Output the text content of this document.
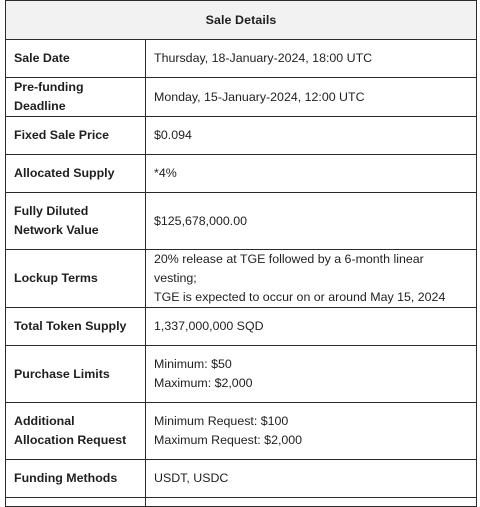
Sale Details	
Sale Date	Thursday, 18-January-2024, 18:00 UTC
Pre-funding Deadline	Monday, 15-January-2024, 12:00 UTC
Fixed Sale Price	$0.094
Allocated Supply	*4%
Fully Diluted Network Value	$125,678,000.00
Lockup Terms	20% release at TGE followed by a 6-month linear vesting;
TGE is expected to occur on or around May 15, 2024

Total Token Supply	1,337,000,000 SQD
Purchase Limits	Minimum: $50
Maximum: $2,000

Additional Allocation Request	Minimum Request: $100
Maximum Request: $2,000

Funding Methods	USDT, USDC
